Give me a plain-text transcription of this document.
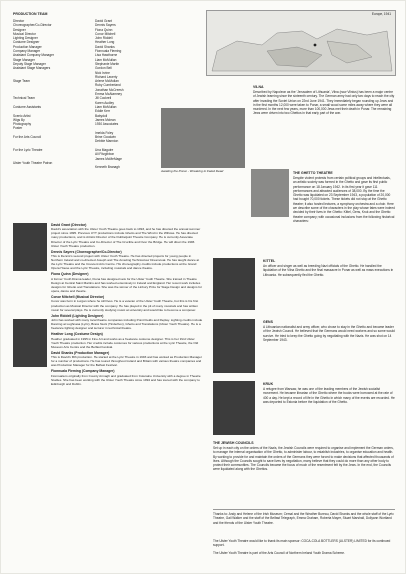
PRODUCTION TEAM
Director
Choreographer/Co-Director
Designer
Musical Director
Lighting Designer
Costume Designer
Production Manager
Company Manager
Assistant Company Manager
Stage Manager
Deputy Stage Manager
Assistant Stage Managers
Stage Team
Technical Team
Costume Assistants
Scenic Artist
Wigs By
Photography
Poster
For the Arts Council
For the Lyric Theatre
Ulster Youth Theatre Patron
David Grant
Dennis Sayers
Fiona Quinn
Conor Mitchell
John Riddell
Heather Long
David Shanks
Fionnuala Fleming
Lisa Hawthorne
Liam McMullan
Stephanie Martin
Gordon Bell
Nick Irvine
Richard Laverty
Arlene McMullan
Ruby Cumberland
Jonathan McCreesh
Emma McAtamney
Jill Cockrell
Karen Audley
Liam McMullan
Eddie Kerr
Babydoll
James Mclean
1930 Associates
Imelda Foley
Brine Goodwin
Debbie Mannion
Una Maguire
Ali Fitzgibbon
James McMeMage
Kenneth Branagh
Europe, 1941
VILNA
Described by Napoleon as the 'Jerusalem of Lithuania', Vilna (now Vilnius) has been a major centre of Jewish learning since the sixteenth century. The German army had only two days to reach the city after invading the Soviet Union on 22nd June 1941. They immediately began rounding up Jews and in the first months 12,000 were taken to Ponar, a small wood some miles away where they were all murdered. In the next few years, more than 100,000 Jews met their death in Ponar. The remaining Jews were driven into two Ghettos in that early part of the war.
Awaiting the Ponar - Wreaking to Fated Dead	THE GHETTO THEATRE
Despite violent protests from certain political groups and intellectuals, an artistic society was formed in the Ghetto and gave its first public performance on 18 January 1942. In its first year it gave 111 performances and attracted audiences of 38,000. By the time the Ghetto was liquidated on 23 September 1943, a population of 20,000 had bought 70,000 tickets. These tickets did not stop at the Ghetto theatre; it also hosted lectures, a symphony orchestra and a choir. Here we describe some of the characters in the play whose fates were indeed decided by their lives in the Ghetto: Kittel, Gens, Kruk and the Ghetto theatre company; with occasional inclusions from the following historical characters:
KITTEL
An officer and singer as well as breeding Nazi officials of the Ghetto. He handled the liquidation of the Vilna Ghetto and the final massacre in Ponar as well as mass executions in Lithuania. He subsequently fled the Ghetto.
GENS
A Lithuanian nationalist and army officer, who chose to stay in the Ghetto and became leader of the Jewish Council. He believed that the Germans would need workers and so some would survive. He tried to keep the Ghetto going by negotiating with the Nazis. He was shot on 14 September 1943.
KRUK
A refugee from Warsaw, he was one of the leading members of the Jewish socialist movement. He became librarian of the Ghetto where the books were borrowed at the rate of 400 a day. He kept a record of life in the Ghetto in which many of the events are recorded. He was deported to Estonia before the liquidation of the Ghetto.
THE JEWISH COUNCILS
Set up in each city on the orders of the Nazis, the Jewish Councils were required to organise and implement the German orders, to manage the internal organisation of the Ghetto, to administer labour, to establish industries, to organise education and health. By working to provide for and maintain the orders of the Germans they were forced to make decisions that affected thousands of lives. Although the Councils sought to save lives by negotiation, many believe that they could do more than any other body to protect their communities. The Councils became the focus of much of the resentment felt by the Jews. In the end, the Councils were liquidated along with the Ghettos.
Thanks to: Andy and Helene of the Irish Museum; Cemal and the Weather Bureau, David Shanks and the whole staff of the Lyric Theatre, Gail Walker and the staff of the Belfast Telegraph, Emma Graham, Roberta Mayer, Stuart Marshall, Dollyann Wortland and the friends of the Ulster Youth Theatre.
The Ulster Youth Theatre would like to thank its main sponsor: COCA-COLA BOTTLERS (ULSTER) LIMITED for its continued support.
The Ulster Youth Theatre is part of the Arts Council of Northern Ireland Youth Drama Scheme.
David Grant (Director)
David's association with the Ulster Youth Theatre goes back to 1993, and he has directed the annual summer project since 1995. Previous UYT productions include Ghetto and The Wind in the Willows. He has directed many productions, and is Artistic Director of the Dubbeljoint Theatre Company. He is currently Associate Director of the Lyric Theatre and Co-Director of The Crucible and Over the Bridge. He will direct the 1996 Ulster Youth Theatre production.
Dennis Sayers (Choreographer/Co-Director)
This is Dennis's second project with Ulster Youth Theatre. He has directed projects for young people in Northern Ireland and co-directed Joseph and The Amazing Technicolour Dreamcoat. He has taught dance at the Lyric Theatre and the Crescent Arts Centre. His choreography credits include productions at the Grand Opera House and the Lyric Theatre, including musicals and dance theatre.
Fiona Quinn (Designer)
A former Youth Drama leader, Fiona has designed sets for the Ulster Youth Theatre. She trained in Theatre Design at Central Saint Martins and has worked extensively in Ireland and England. Her recent work includes designs for Ghetto and Translations. She was the winner of the Linbury Prize for Stage Design and designs for opera, dance and theatre.
Conor Mitchell (Musical Director)
Conor was born in Lurgan where he still lives. He is a veteran of the Ulster Youth Theatre, but this is his first production as Musical Director with the company. He has played in the pit of many musicals and has written music for several plays. He is currently studying music at university and would like to become a composer.
John Riddell (Lighting Designer)
John has worked with many local theatre companies including Point Fields and Replay. Lighting credits include Dancing at Lughnasa (Lyric), Brass Neck (Tinderbox), Ghetto and Translations (Ulster Youth Theatre). He is a freelance lighting designer and lecturer in technical theatre.
Heather Long (Costume Design)
Heather graduated in 1995 in Fine Art and works as a freelance costume designer. This is her third Ulster Youth Theatre production. Her credits include costumes for various productions at the Lyric Theatre, the Old Museum Arts Centre and the Belfast Festival.
David Shanks (Production Manager)
This is David's fifth production. He started at the Lyric Theatre in 1993 and has worked as Production Manager for a number of productions. He has toured throughout Ireland and Britain with various theatre companies and was Production Manager for the Belfast Festival.
Fionnuala Fleming (Company Manager)
Fionnuala is originally from County Armagh and graduated from Coleraine University with a degree in Theatre Studies. She has been working with the Ulster Youth Theatre since 1994 and has toured with the company to Edinburgh and Dublin.
